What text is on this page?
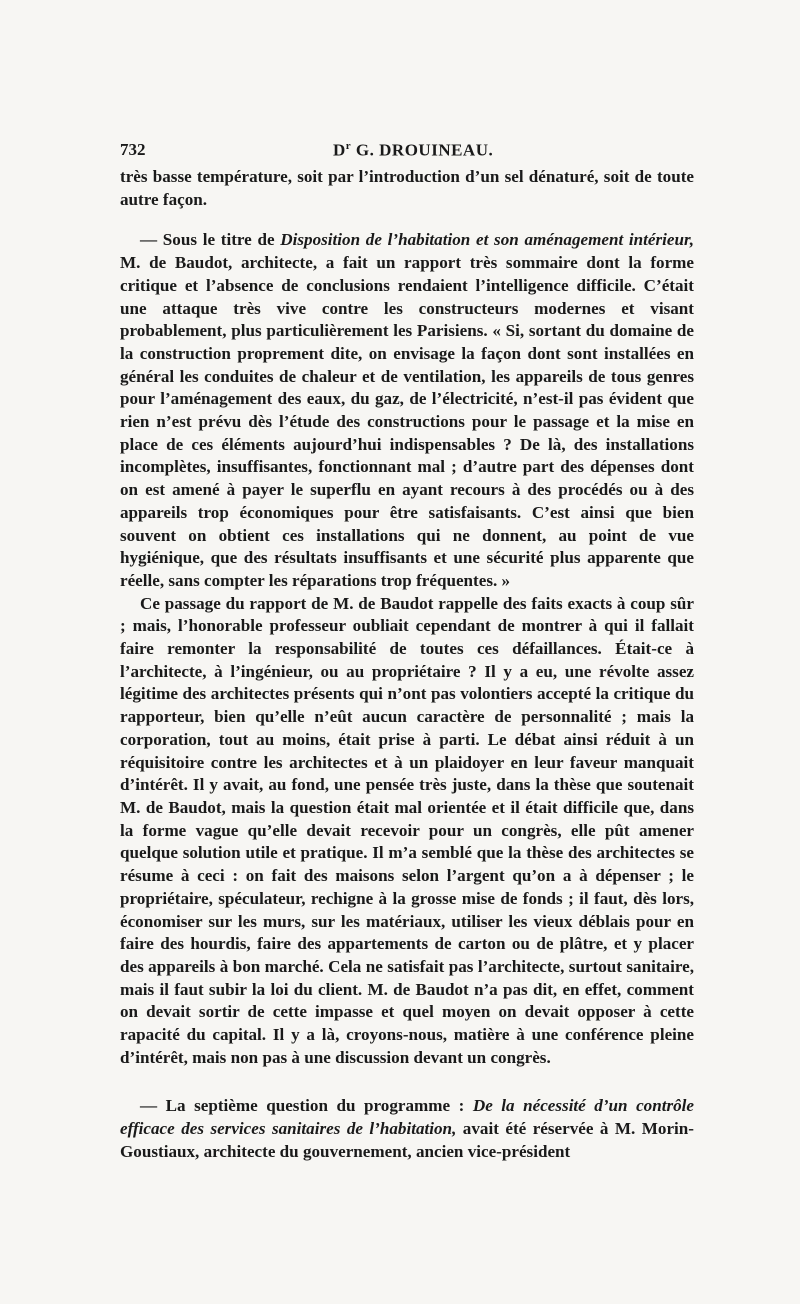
732	$D^r$ G. DROUINEAU.

très basse température, soit par l’introduction d’un sel dénaturé, soit de toute autre façon.

— Sous le titre de Disposition de l’habitation et son aménagement intérieur, M. de Baudot, architecte, a fait un rapport très sommaire dont la forme critique et l’absence de conclusions rendaient l’intelligence difficile. C’était une attaque très vive contre les constructeurs modernes et visant probablement, plus particulièrement les Parisiens. « Si, sortant du domaine de la construction proprement dite, on envisage la façon dont sont installées en général les conduites de chaleur et de ventilation, les appareils de tous genres pour l’aménagement des eaux, du gaz, de l’électricité, n’est-il pas évident que rien n’est prévu dès l’étude des constructions pour le passage et la mise en place de ces éléments aujourd’hui indispensables ? De là, des installations incomplètes, insuffisantes, fonctionnant mal ; d’autre part des dépenses dont on est amené à payer le superflu en ayant recours à des procédés ou à des appareils trop économiques pour être satisfaisants. C’est ainsi que bien souvent on obtient ces installations qui ne donnent, au point de vue hygiénique, que des résultats insuffisants et une sécurité plus apparente que réelle, sans compter les réparations trop fréquentes. »

Ce passage du rapport de M. de Baudot rappelle des faits exacts à coup sûr ; mais, l’honorable professeur oubliait cependant de montrer à qui il fallait faire remonter la responsabilité de toutes ces défaillances. Était-ce à l’architecte, à l’ingénieur, ou au propriétaire ? Il y a eu, une révolte assez légitime des architectes présents qui n’ont pas volontiers accepté la critique du rapporteur, bien qu’elle n’eût aucun caractère de personnalité ; mais la corporation, tout au moins, était prise à parti. Le débat ainsi réduit à un réquisitoire contre les architectes et à un plaidoyer en leur faveur manquait d’intérêt. Il y avait, au fond, une pensée très juste, dans la thèse que soutenait M. de Baudot, mais la question était mal orientée et il était difficile que, dans la forme vague qu’elle devait recevoir pour un congrès, elle pût amener quelque solution utile et pratique. Il m’a semblé que la thèse des architectes se résume à ceci : on fait des maisons selon l’argent qu’on a à dépenser ; le propriétaire, spéculateur, rechigne à la grosse mise de fonds ; il faut, dès lors, économiser sur les murs, sur les matériaux, utiliser les vieux déblais pour en faire des hourdis, faire des appartements de carton ou de plâtre, et y placer des appareils à bon marché. Cela ne satisfait pas l’architecte, surtout sanitaire, mais il faut subir la loi du client. M. de Baudot n’a pas dit, en effet, comment on devait sortir de cette impasse et quel moyen on devait opposer à cette rapacité du capital. Il y a là, croyons-nous, matière à une conférence pleine d’intérêt, mais non pas à une discussion devant un congrès.

— La septième question du programme : De la nécessité d’un contrôle efficace des services sanitaires de l’habitation, avait été réservée à M. Morin-Goustiaux, architecte du gouvernement, ancien vice-président
